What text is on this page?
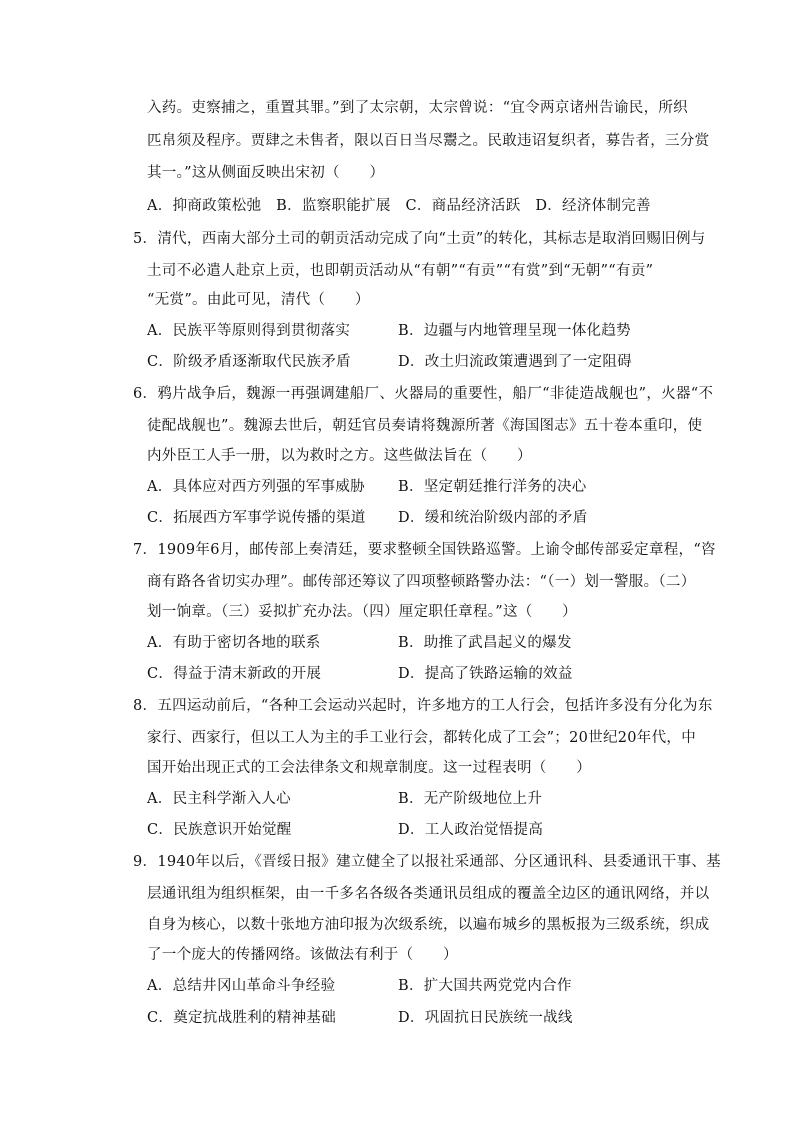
入药。吏察捕之，重置其罪。”到了太宗朝，太宗曾说：“宜令两京诸州告谕民，所织
匹帛须及程序。贾肆之未售者，限以百日当尽鬻之。民敢违诏复织者，募告者，三分赏
其一。”这从侧面反映出宋初（　　）
A．抑商政策松弛　B．监察职能扩展　C．商品经济活跃　D．经济体制完善
5．清代，西南大部分土司的朝贡活动完成了向“土贡”的转化，其标志是取消回赐旧例与
土司不必遣人赴京上贡，也即朝贡活动从“有朝”“有贡”“有赏”到“无朝”“有贡”
“无赏”。由此可见，清代（　　）
A．民族平等原则得到贯彻落实	B．边疆与内地管理呈现一体化趋势
C．阶级矛盾逐渐取代民族矛盾	D．改土归流政策遭遇到了一定阻碍
6．鸦片战争后，魏源一再强调建船厂、火器局的重要性，船厂“非徒造战舰也”，火器“不
徒配战舰也”。魏源去世后，朝廷官员奏请将魏源所著《海国图志》五十卷本重印，使
内外臣工人手一册，以为救时之方。这些做法旨在（　　）
A．具体应对西方列强的军事威胁 B．坚定朝廷推行洋务的决心
C．拓展西方军事学说传播的渠道 D．缓和统治阶级内部的矛盾
7．1909年6月，邮传部上奏清廷，要求整顿全国铁路巡警。上谕令邮传部妥定章程，“咨
商有路各省切实办理”。邮传部还筹议了四项整顿路警办法：“（一）划一警服。（二）
划一饷章。（三）妥拟扩充办法。（四）厘定职任章程。”这（　　）
A．有助于密切各地的联系	B．助推了武昌起义的爆发
C．得益于清末新政的开展	D．提高了铁路运输的效益
8．五四运动前后，“各种工会运动兴起时，许多地方的工人行会，包括许多没有分化为东
家行、西家行，但以工人为主的手工业行会，都转化成了工会”；20世纪20年代，中
国开始出现正式的工会法律条文和规章制度。这一过程表明（　　）
A．民主科学渐入人心	B．无产阶级地位上升
C．民族意识开始觉醒	D．工人政治觉悟提高
9．1940年以后，《晋绥日报》建立健全了以报社采通部、分区通讯科、县委通讯干事、基
层通讯组为组织框架，由一千多名各级各类通讯员组成的覆盖全边区的通讯网络，并以
自身为核心，以数十张地方油印报为次级系统，以遍布城乡的黑板报为三级系统，织成
了一个庞大的传播网络。该做法有利于（　　）
A．总结井冈山革命斗争经验	B．扩大国共两党党内合作
C．奠定抗战胜利的精神基础	D．巩固抗日民族统一战线
